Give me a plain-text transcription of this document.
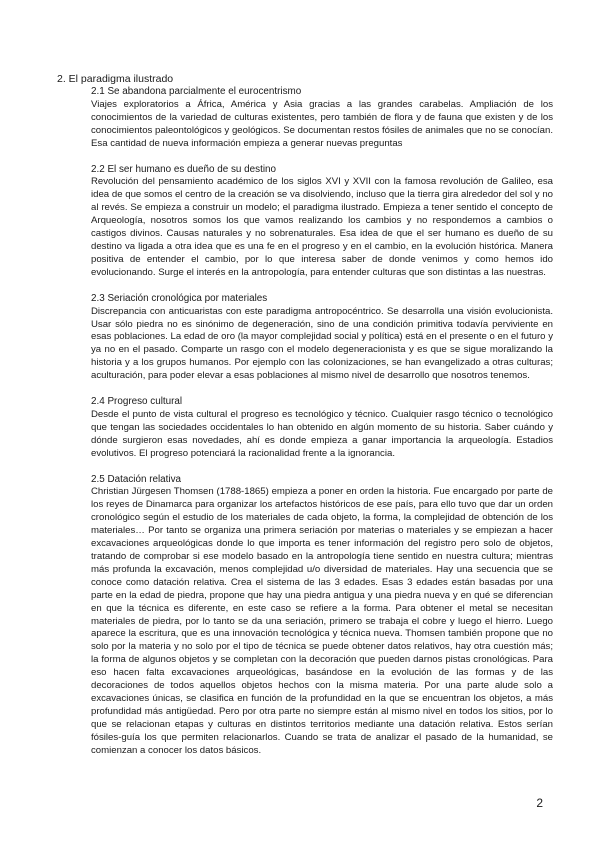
2. El paradigma ilustrado
2.1 Se abandona parcialmente el eurocentrismo

Viajes exploratorios a África, América y Asia gracias a las grandes carabelas. Ampliación de los conocimientos de la variedad de culturas existentes, pero también de flora y de fauna que existen y de los conocimientos paleontológicos y geológicos. Se documentan restos fósiles de animales que no se conocían. Esa cantidad de nueva información empieza a generar nuevas preguntas

2.2 El ser humano es dueño de su destino

Revolución del pensamiento académico de los siglos XVI y XVII con la famosa revolución de Galileo, esa idea de que somos el centro de la creación se va disolviendo, incluso que la tierra gira alrededor del sol y no al revés. Se empieza a construir un modelo; el paradigma ilustrado. Empieza a tener sentido el concepto de Arqueología, nosotros somos los que vamos realizando los cambios y no respondemos a cambios o castigos divinos. Causas naturales y no sobrenaturales. Esa idea de que el ser humano es dueño de su destino va ligada a otra idea que es una fe en el progreso y en el cambio, en la evolución histórica. Manera positiva de entender el cambio, por lo que interesa saber de donde venimos y como hemos ido evolucionando. Surge el interés en la antropología, para entender culturas que son distintas a las nuestras.

2.3 Seriación cronológica por materiales

Discrepancia con anticuaristas con este paradigma antropocéntrico. Se desarrolla una visión evolucionista. Usar sólo piedra no es sinónimo de degeneración, sino de una condición primitiva todavía perviviente en esas poblaciones. La edad de oro (la mayor complejidad social y política) está en el presente o en el futuro y ya no en el pasado. Comparte un rasgo con el modelo degeneracionista y es que se sigue moralizando la historia y a los grupos humanos. Por ejemplo con las colonizaciones, se han evangelizado a otras culturas; aculturación, para poder elevar a esas poblaciones al mismo nivel de desarrollo que nosotros tenemos.

2.4 Progreso cultural

Desde el punto de vista cultural el progreso es tecnológico y técnico. Cualquier rasgo técnico o tecnológico que tengan las sociedades occidentales lo han obtenido en algún momento de su historia. Saber cuándo y dónde surgieron esas novedades, ahí es donde empieza a ganar importancia la arqueología. Estadios evolutivos. El progreso potenciará la racionalidad frente a la ignorancia.

2.5 Datación relativa

Christian Jürgesen Thomsen (1788-1865) empieza a poner en orden la historia. Fue encargado por parte de los reyes de Dinamarca para organizar los artefactos históricos de ese país, para ello tuvo que dar un orden cronológico según el estudio de los materiales de cada objeto, la forma, la complejidad de obtención de los materiales… Por tanto se organiza una primera seriación por materias o materiales y se empiezan a hacer excavaciones arqueológicas donde lo que importa es tener información del registro pero solo de objetos, tratando de comprobar si ese modelo basado en la antropología tiene sentido en nuestra cultura; mientras más profunda la excavación, menos complejidad u/o diversidad de materiales. Hay una secuencia que se conoce como datación relativa. Crea el sistema de las 3 edades. Esas 3 edades están basadas por una parte en la edad de piedra, propone que hay una piedra antigua y una piedra nueva y en qué se diferencian en que la técnica es diferente, en este caso se refiere a la forma. Para obtener el metal se necesitan materiales de piedra, por lo tanto se da una seriación, primero se trabaja el cobre y luego el hierro. Luego aparece la escritura, que es una innovación tecnológica y técnica nueva. Thomsen también propone que no solo por la materia y no solo por el tipo de técnica se puede obtener datos relativos, hay otra cuestión más; la forma de algunos objetos y se completan con la decoración que pueden darnos pistas cronológicas. Para eso hacen falta excavaciones arqueológicas, basándose en la evolución de las formas y de las decoraciones de todos aquellos objetos hechos con la misma materia. Por una parte alude solo a excavaciones únicas, se clasifica en función de la profundidad en la que se encuentran los objetos, a más profundidad más antigüedad. Pero por otra parte no siempre están al mismo nivel en todos los sitios, por lo que se relacionan etapas y culturas en distintos territorios mediante una datación relativa. Estos serían fósiles-guía los que permiten relacionarlos. Cuando se trata de analizar el pasado de la humanidad, se comienzan a conocer los datos básicos.

2
